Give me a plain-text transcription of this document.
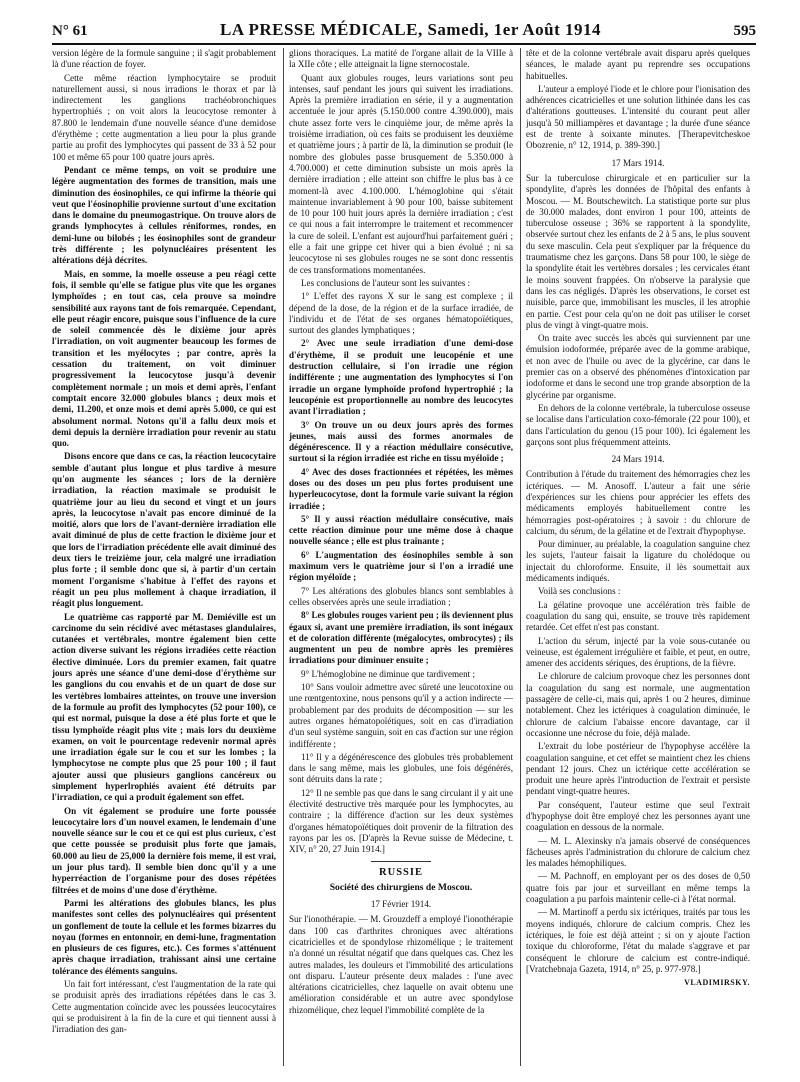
N° 61	LA PRESSE MÉDICALE, Samedi, 1er Août 1914	595

version légère de la formule sanguine ; il s'agit probablement là d'une réaction de foyer.

Cette même réaction lymphocytaire se produit naturellement aussi, si nous irradions le thorax et par là indirectement les ganglions trachéobronchiques hypertrophiés ; on voit alors la leucocytose remonter à 87.800 le lendemain d'une nouvelle séance d'une demidose d'érythème ; cette augmentation a lieu pour la plus grande partie au profit des lymphocytes qui passent de 33 à 52 pour 100 et même 65 pour 100 quatre jours après.

Pendant ce même temps, on voit se produire une légère augmentation des formes de transition, mais une diminution des éosinophiles, ce qui infirme la théorie qui veut que l'éosinophilie provienne surtout d'une excitation dans le domaine du pneumogastrique. On trouve alors de grands lymphocytes à cellules réniformes, rondes, en demi-lune ou bilobés ; les éosinophiles sont de grandeur très différente ; les polynucléaires présentent les altérations déjà décrites.

Mais, en somme, la moelle osseuse a peu réagi cette fois, il semble qu'elle se fatigue plus vite que les organes lymphoïdes ; en tout cas, cela prouve sa moindre sensibilité aux rayons tant de fois remarquée. Cependant, elle peut réagir encore, puisque sous l'influence de la cure de soleil commencée dès le dixième jour après l'irradiation, on voit augmenter beaucoup les formes de transition et les myélocytes ; par contre, après la cessation du traitement, on voit diminuer progressivement la leucocytose jusqu'à devenir complètement normale ; un mois et demi après, l'enfant comptait encore 32.000 globules blancs ; deux mois et demi, 11.200, et onze mois et demi après 5.000, ce qui est absolument normal. Notons qu'il a fallu deux mois et demi depuis la dernière irradiation pour revenir au statu quo.

Disons encore que dans ce cas, la réaction leucocytaire semble d'autant plus longue et plus tardive à mesure qu'on augmente les séances ; lors de la dernière irradiation, la réaction maximale se produisit le quatrième jour au lieu du second et vingt et un jours après, la leucocytose n'avait pas encore diminué de la moitié, alors que lors de l'avant-dernière irradiation elle avait diminué de plus de cette fraction le dixième jour et que lors de l'irradiation précédente elle avait diminué des deux tiers le treizième jour, cela malgré une irradiation plus forte ; il semble donc que si, à partir d'un certain moment l'organisme s'habitue à l'effet des rayons et réagit un peu plus mollement à chaque irradiation, il réagit plus longuement.

Le quatrième cas rapporté par M. Demiéville est un carcinome du sein récidivé avec métastases glandulaires, cutanées et vertébrales, montre également bien cette action diverse suivant les régions irradiées cette réaction élective diminuée. Lors du premier examen, fait quatre jours après une séance d'une demi-dose d'érythème sur les ganglions du cou envahis et de un quart de dose sur les vertèbres lombaires atteintes, on trouve une inversion de la formule au profit des lymphocytes (52 pour 100), ce qui est normal, puisque la dose a été plus forte et que le tissu lymphoïde réagit plus vite ; mais lors du deuxième examen, on voit le pourcentage redevenir normal après une irradiation égale sur le cou et sur les lombes ; la lymphocytose ne compte plus que 25 pour 100 ; il faut ajouter aussi que plusieurs ganglions cancéreux ou simplement hyperlrophiés avaient été détruits par l'irradiation, ce qui a produit également son effet.

On vit également se produire une forte poussée leucocytaire lors d'un nouvel examen, le lendemain d'une nouvelle séance sur le cou et ce qui est plus curieux, c'est que cette poussée se produisit plus forte que jamais, 60.000 au lieu de 25,000 la dernière fois meme, il est vrai, un jour plus tard). Il semble bien donc qu'il y a une hyperréaction de l'organisme pour des doses répétées filtrées et de moins d'une dose d'érythème.

Parmi les altérations des globules blancs, les plus manifestes sont celles des polynucléaires qui présentent un gonflement de toute la cellule et les formes bizarres du noyau (formes en entonnoir, en demi-lune, fragmentation en plusieurs de ces figures, etc.). Ces formes s'atténuent après chaque irradiation, trahissant ainsi une certaine tolérance des éléments sanguins.

Un fait fort intéressant, c'est l'augmentation de la rate qui se produisit après des irradiations répétées dans le cas 3. Cette augmentation coïncide avec les poussées leucocytaires qui se produisirent à la fin de la cure et qui tiennent aussi à l'irradiation des gan-

glions thoraciques. La matité de l'organe allait de la VIIIe à la XIIe côte ; elle atteignait la ligne sternocostale.

Quant aux globules rouges, leurs variations sont peu intenses, sauf pendant les jours qui suivent les irradiations. Après la première irradiation en série, il y a augmentation accentuée le jour après (5.150.000 contre 4.390.000), mais chute assez forte vers le cinquième jour, de même après la troisième irradiation, où ces faits se produisent les deuxième et quatrième jours ; à partir de là, la diminution se produit (le nombre des globules passe brusquement de 5.350.000 à 4.700.000) et cette diminution subsiste un mois après la dernière irradiation ; elle atteint son chiffre le plus bas à ce moment-là avec 4.100.000. L'hémoglobine qui s'était maintenue invariablement à 90 pour 100, baisse subitement de 10 pour 100 huit jours après la dernière irradiation ; c'est ce qui nous a fait interrompre le traitement et recommencer la cure de soleil. L'enfant est aujourd'hui parfaitement guéri ; elle a fait une grippe cet hiver qui a bien évolué ; ni sa leucocytose ni ses globules rouges ne se sont donc ressentis de ces transformations momentanées.

Les conclusions de l'auteur sont les suivantes :

1° L'effet des rayons X sur le sang est complexe ; il dépend de la dose, de la région et de la surface irradiée, de l'individu et de l'état de ses organes hématopoïétiques, surtout des glandes lymphatiques ;

2° Avec une seule irradiation d'une demi-dose d'érythème, il se produit une leucopénie et une destruction cellulaire, si l'on irradie une région indifférente ; une augmentation des lymphocytes si l'on irradie un organe lymphoïde profond hypertrophié ; la leucopénie est proportionnelle au nombre des leucocytes avant l'irradiation ;

3° On trouve un ou deux jours après des formes jeunes, mais aussi des formes anormales de dégénérescence. Il y a réaction médullaire consécutive, surtout si la région irradiée est riche en tissu myéloïde ;

4° Avec des doses fractionnées et répétées, les mêmes doses ou des doses un peu plus fortes produisent une hyperleucocytose, dont la formule varie suivant la région irradiée ;

5° Il y aussi réaction médullaire consécutive, mais cette réaction diminue pour une même dose à chaque nouvelle séance ; elle est plus traînante ;

6° L'augmentation des éosinophiles semble à son maximum vers le quatrième jour si l'on a irradié une région myéloïde ;

7° Les altérations des globules blancs sont semblables à celles observées après une seule irradiation ;

8° Les globules rouges varient peu ; ils deviennent plus égaux si, avant une première irradiation, ils sont inégaux et de coloration différente (mégalocytes, ombrocytes) ; ils augmentent un peu de nombre après les premières irradiations pour diminuer ensuite ;

9° L'hémoglobine ne diminue que tardivement ;

10° Sans vouloir admettre avec sûreté une leucotoxine ou une rœntgentoxine, nous pensons qu'il y a action indirecte — probablement par des produits de décomposition — sur les autres organes hématopoïétiques, soit en cas d'irradiation d'un seul système sanguin, soit en cas d'action sur une région indifférente ;

11° Il y a dégénérescence des globules très probablement dans le sang même, mais les globules, une fois dégénérés, sont détruits dans la rate ;

12° Il ne semble pas que dans le sang circulant il y ait une électivité destructive très marquée pour les lymphocytes, au contraire ; la différence d'action sur les deux systèmes d'organes hématopoïétiques doit provenir de la filtration des rayons par les os. [D'après la Revue suisse de Médecine, t. XIV, n° 20, 27 Juin 1914.]

RUSSIE

Société des chirurgiens de Moscou.

17 Février 1914.

Sur l'ionothérapie. — M. Grouzdeff a employé l'ionothérapie dans 100 cas d'arthrites chroniques avec altérations cicatricielles et de spondylose rhizomélique ; le traitement n'a donné un résultat négatif que dans quelques cas. Chez les autres malades, les douleurs et l'immobilité des articulations ont disparu. L'auteur présente deux malades : l'une avec altérations cicatricielles, chez laquelle on avait obtenu une amélioration considérable et un autre avec spondylose rhizomélique, chez lequel l'immobilité complète de la

tête et de la colonne vertébrale avait disparu après quelques séances, le malade ayant pu reprendre ses occupations habituelles.

L'auteur a employé l'iode et le chlore pour l'ionisation des adhérences cicatricielles et une solution lithinée dans les cas d'altérations goutteuses. L'intensité du courant peut aller jusqu'à 50 milliampères et davantage ; la durée d'une séance est de trente à soixante minutes. [Therapevitcheskoe Obozrenie, n° 12, 1914, p. 389-390.]

17 Mars 1914.

Sur la tuberculose chirurgicale et en particulier sur la spondylite, d'après les données de l'hôpital des enfants à Moscou. — M. Boutschewitch. La statistique porte sur plus de 30.000 malades, dont environ 1 pour 100, atteints de tuberculose osseuse ; 36% se rapportent à la spondylite, observée surtout chez les enfants de 2 à 5 ans, le plus souvent du sexe masculin. Cela peut s'expliquer par la fréquence du traumatisme chez les garçons. Dans 58 pour 100, le siège de la spondylite était les vertèbres dorsales ; les cervicales étant le moins souvent frappées. On n'observe la paralysie que dans les cas négligés. D'après les observations, le corset est nuisible, parce que, immobilisant les muscles, il les atrophie en partie. C'est pour cela qu'on ne doit pas utiliser le corset plus de vingt à vingt-quatre mois.

On traite avec succès les abcès qui surviennent par une émulsion iodoformée, préparée avec de la gomme arabique, et non avec de l'huile ou avec de la glycérine, car dans le premier cas on a observé des phénomènes d'intoxication par iodoforme et dans le second une trop grande absorption de la glycérine par organisme.

En dehors de la colonne vertébrale, la tuberculose osseuse se localise dans l'articulation coxo-fémorale (22 pour 100), et dans l'articulation du genou (15 pour 100). Ici également les garçons sont plus fréquemment atteints.

24 Mars 1914.

Contribution à l'étude du traitement des hémorragies chez les ictériques. — M. Anosoff. L'auteur a fait une série d'expériences sur les chiens pour apprécier les effets des médicaments employés habituellement contre les hémorragies post-opératoires ; à savoir : du chlorure de calcium, du sérum, de la gélatine et de l'extrait d'hypophyse.

Pour diminuer, au préalable, la coagulation sanguine chez les sujets, l'auteur faisait la ligature du cholédoque ou injectait du chloroforme. Ensuite, il lès soumettait aux médicaments indiqués.

Voilà ses conclusions :

La gélatine provoque une accélération très faible de coagulation du sang qui, ensuite, se trouve très rapidement retardée. Cet effet n'est pas constant.

L'action du sérum, injecté par la voie sous-cutanée ou veineuse, est également irrégulière et faible, et peut, en outre, amener des accidents sériques, des éruptions, de la fièvre.

Le chlorure de calcium provoque chez les personnes dont la coagulation du sang est normale, une augmentation passagère de celle-ci, mais qui, après 1 ou 2 heures, diminue notablement. Chez les ictériques à coagulation diminuée, le chlorure de calcium l'abaisse encore davantage, car il occasionne une nécrose du foie, déjà malade.

L'extrait du lobe postérieur de l'hypophyse accélère la coagulation sanguine, et cet effet se maintient chez les chiens pendant 12 jours. Chez un ictérique cette accélération se produit une heure après l'introduction de l'extrait et persiste pendant vingt-quatre heures.

Par conséquent, l'auteur estime que seul l'extrait d'hypophyse doit être employé chez les personnes ayant une coagulation en dessous de la normale.

— M. L. Alexinsky n'a jamais observé de conséquences fâcheuses après l'administration du chlorure de calcium chez les malades hémophiliques.

— M. Pachnoff, en employant per os des doses de 0,50 quatre fois par jour et surveillant en même temps la coagulation a pu parfois maintenir celle-ci à l'état normal.

— M. Martinoff a perdu six ictériques, traités par tous les moyens indiqués, chlorure de calcium compris. Chez les ictériques, le foie est déjà atteint ; si on y ajoute l'action toxique du chloroforme, l'état du malade s'aggrave et par conséquent le chlorure de calcium est contre-indiqué. [Vratchebnaja Gazeta, 1914, n° 25, p. 977-978.]

VLADIMIRSKY.
